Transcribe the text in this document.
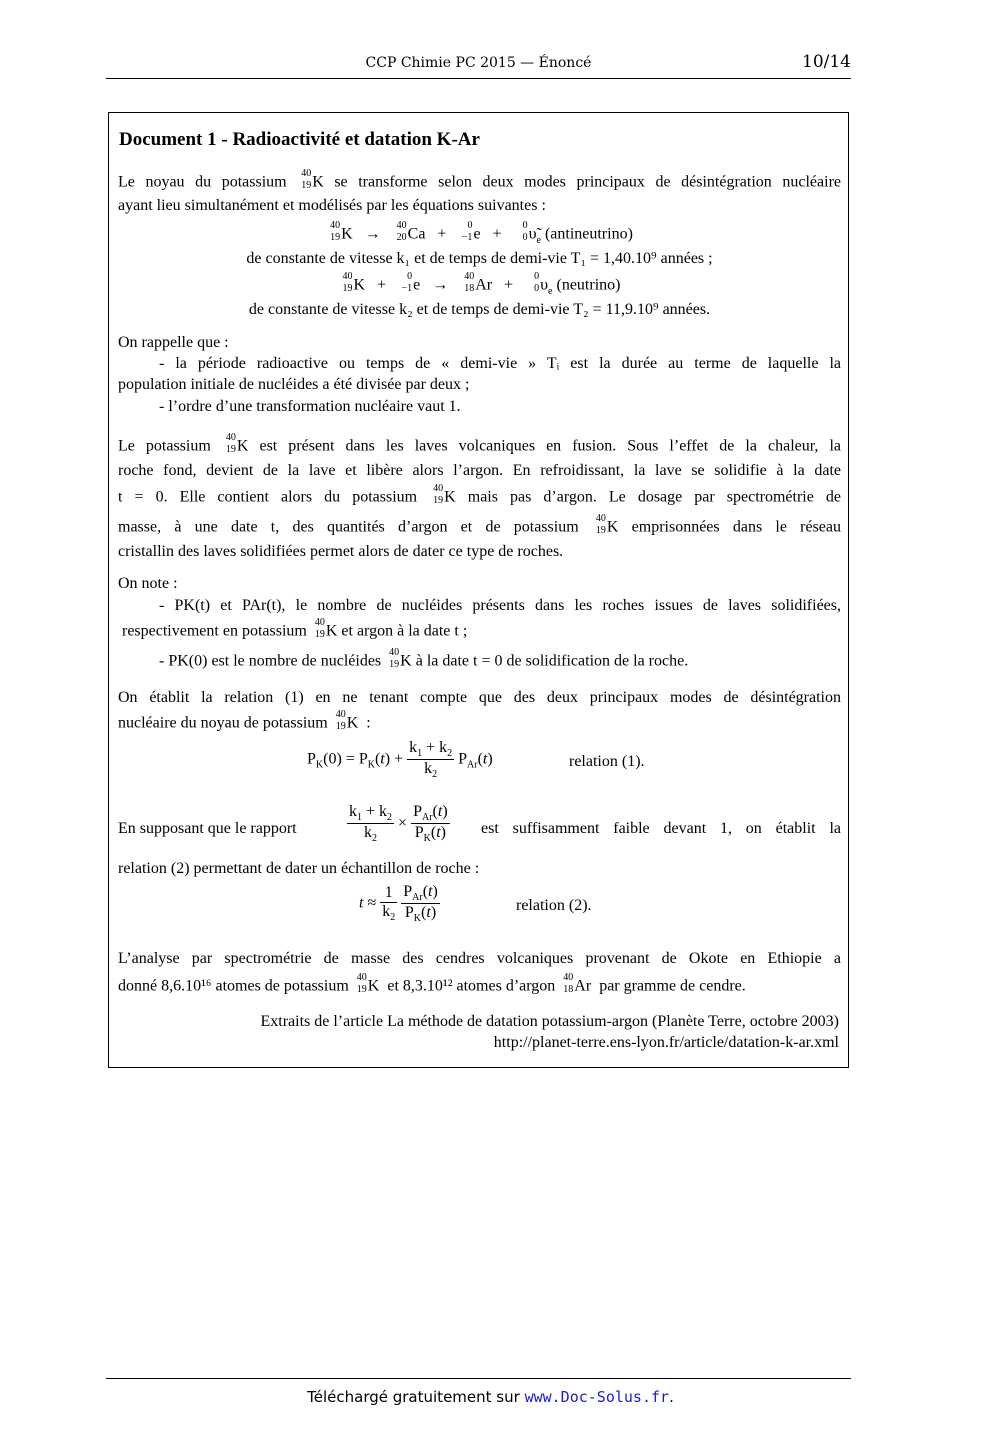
CCP Chimie PC 2015 — Énoncé	10/14
Document 1 - Radioactivité et datation K-Ar
Le noyau du potassium
40
19 K se transforme selon deux modes principaux de désintégration nucléaire
ayant lieu simultanément et modélisés par les équations suivantes :
40
19 K   →
40
20 Ca   +
0
−1 e   +
0
0 $\upsiloñ_e$ (antineutrino)
de constante de vitesse k₁ et de temps de demi-vie T₁ = 1,40.10⁹ années ;
40
19 K   +
0
−1 e   →
40
18 Ar   +
0
0 $\upsilon_e$ (neutrino)
de constante de vitesse k₂ et de temps de demi-vie T₂ = 11,9.10⁹ années.
On rappelle que :
- la période radioactive ou temps de « demi-vie » Tᵢ est la durée au terme de laquelle la
population initiale de nucléides a été divisée par deux ;
- l’ordre d’une transformation nucléaire vaut 1.
Le potassium
40
19 K est présent dans les laves volcaniques en fusion. Sous l’effet de la chaleur, la
roche fond, devient de la lave et libère alors l’argon. En refroidissant, la lave se solidifie à la date
t = 0. Elle contient alors du potassium
40
19 K mais pas d’argon. Le dosage par spectrométrie de
masse, à une date t, des quantités d’argon et de potassium
40
19 K emprisonnées dans le réseau
cristallin des laves solidifiées permet alors de dater ce type de roches.
On note :
- PK(t) et PAr(t), le nombre de nucléides présents dans les roches issues de laves solidifiées,
respectivement en potassium
40
19 K et argon à la date t ;
- PK(0) est le nombre de nucléides
40
19 K à la date t = 0 de solidification de la roche.
On établit la relation (1) en ne tenant compte que des deux principaux modes de désintégration
nucléaire du noyau de potassium
40
19 K  :
$P_K(0) = P_K(t) + \frac{k_1 + k_2}{k_2} P_{Ar}(t)$	relation (1).
En supposant que le rapport	$\frac{k_1 + k_2}{k_2} \times \frac{P_{Ar}(t)}{P_K(t)}$ est suffisamment faible devant 1, on établit la
relation (2) permettant de dater un échantillon de roche :
$t \approx \frac{1}{k_2}$
$\frac{P_{Ar}(t)}{P_K(t)}$	relation (2).
L’analyse par spectrométrie de masse des cendres volcaniques provenant de Okote en Ethiopie a
donné 8,6.10¹⁶ atomes de potassium
40
19 K  et 8,3.10¹² atomes d’argon
40
18 Ar  par gramme de cendre.
Extraits de l’article La méthode de datation potassium-argon (Planète Terre, octobre 2003)
http://planet-terre.ens-lyon.fr/article/datation-k-ar.xml
Téléchargé gratuitement sur www.Doc-Solus.fr.
